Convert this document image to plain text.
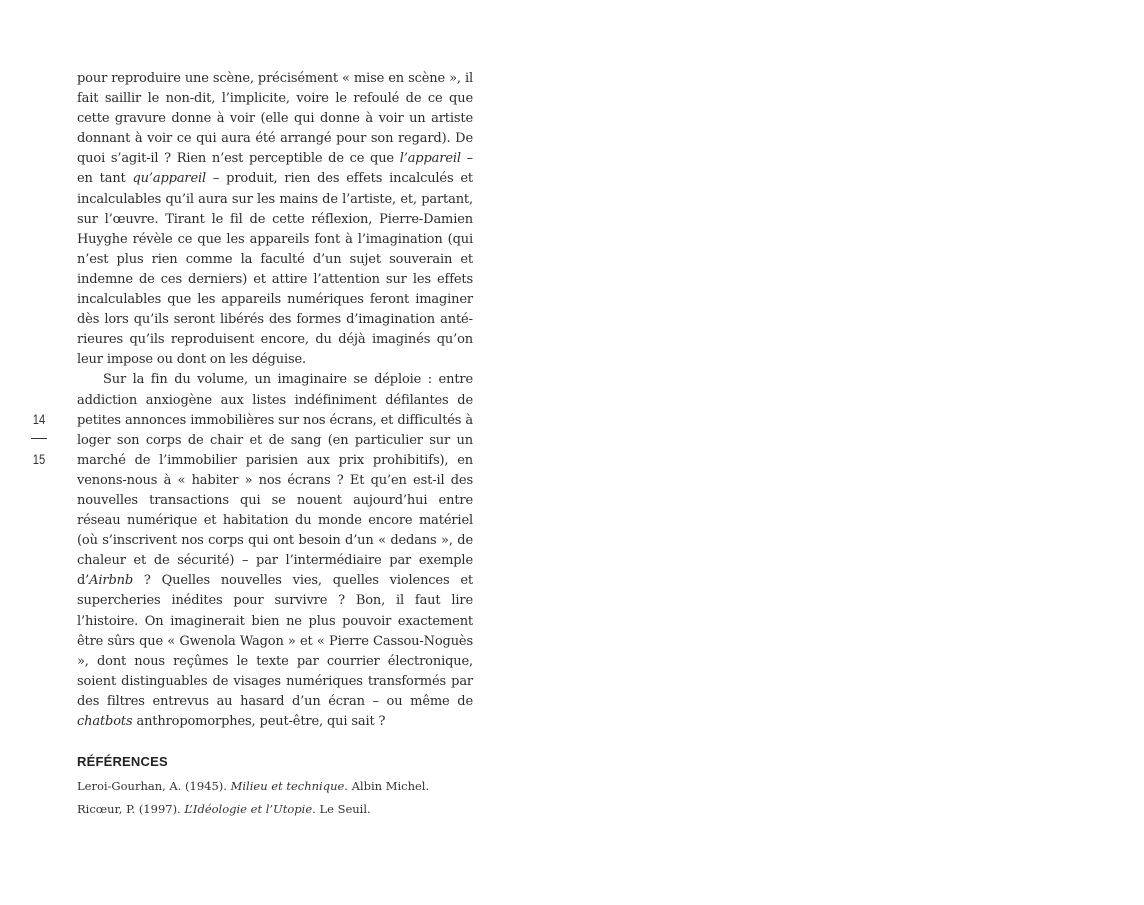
14
15

pour reproduire une scène, précisément « mise en scène », il fait saillir le non-dit, l’implicite, voire le refoulé de ce que cette gravure donne à voir (elle qui donne à voir un artiste donnant à voir ce qui aura été arrangé pour son regard). De quoi s’agit-il ? Rien n’est perceptible de ce que l’appareil – en tant qu’appareil – produit, rien des effets incalculés et incalculables qu’il aura sur les mains de l’artiste, et, partant, sur l’œuvre. Tirant le fil de cette réflexion, Pierre-Damien Huyghe révèle ce que les appareils font à l’imagination (qui n’est plus rien comme la faculté d’un sujet souverain et indemne de ces derniers) et attire l’attention sur les effets incalculables que les appareils numériques feront imaginer dès lors qu’ils seront libérés des formes d’imagination antérieures qu’ils reproduisent encore, du déjà imaginés qu’on leur impose ou dont on les déguise.

Sur la fin du volume, un imaginaire se déploie : entre addiction anxiogène aux listes indéfiniment défilantes de petites annonces immobilières sur nos écrans, et difficultés à loger son corps de chair et de sang (en particulier sur un marché de l’immobilier parisien aux prix prohibitifs), en venons-nous à « habiter » nos écrans ? Et qu’en est-il des nouvelles transactions qui se nouent aujourd’hui entre réseau numérique et habitation du monde encore matériel (où s’inscrivent nos corps qui ont besoin d’un « dedans », de chaleur et de sécurité) – par l’intermédiaire par exemple d’Airbnb ? Quelles nouvelles vies, quelles violences et supercheries inédites pour survivre ? Bon, il faut lire l’histoire. On imaginerait bien ne plus pouvoir exactement être sûrs que « Gwenola Wagon » et « Pierre Cassou-Noguès », dont nous reçûmes le texte par courrier électronique, soient distinguables de visages numériques transformés par des filtres entrevus au hasard d’un écran – ou même de chatbots anthropomorphes, peut-être, qui sait ?

RÉFÉRENCES

Leroi-Gourhan, A. (1945). Milieu et technique. Albin Michel.

Ricœur, P. (1997). L’Idéologie et l’Utopie. Le Seuil.
